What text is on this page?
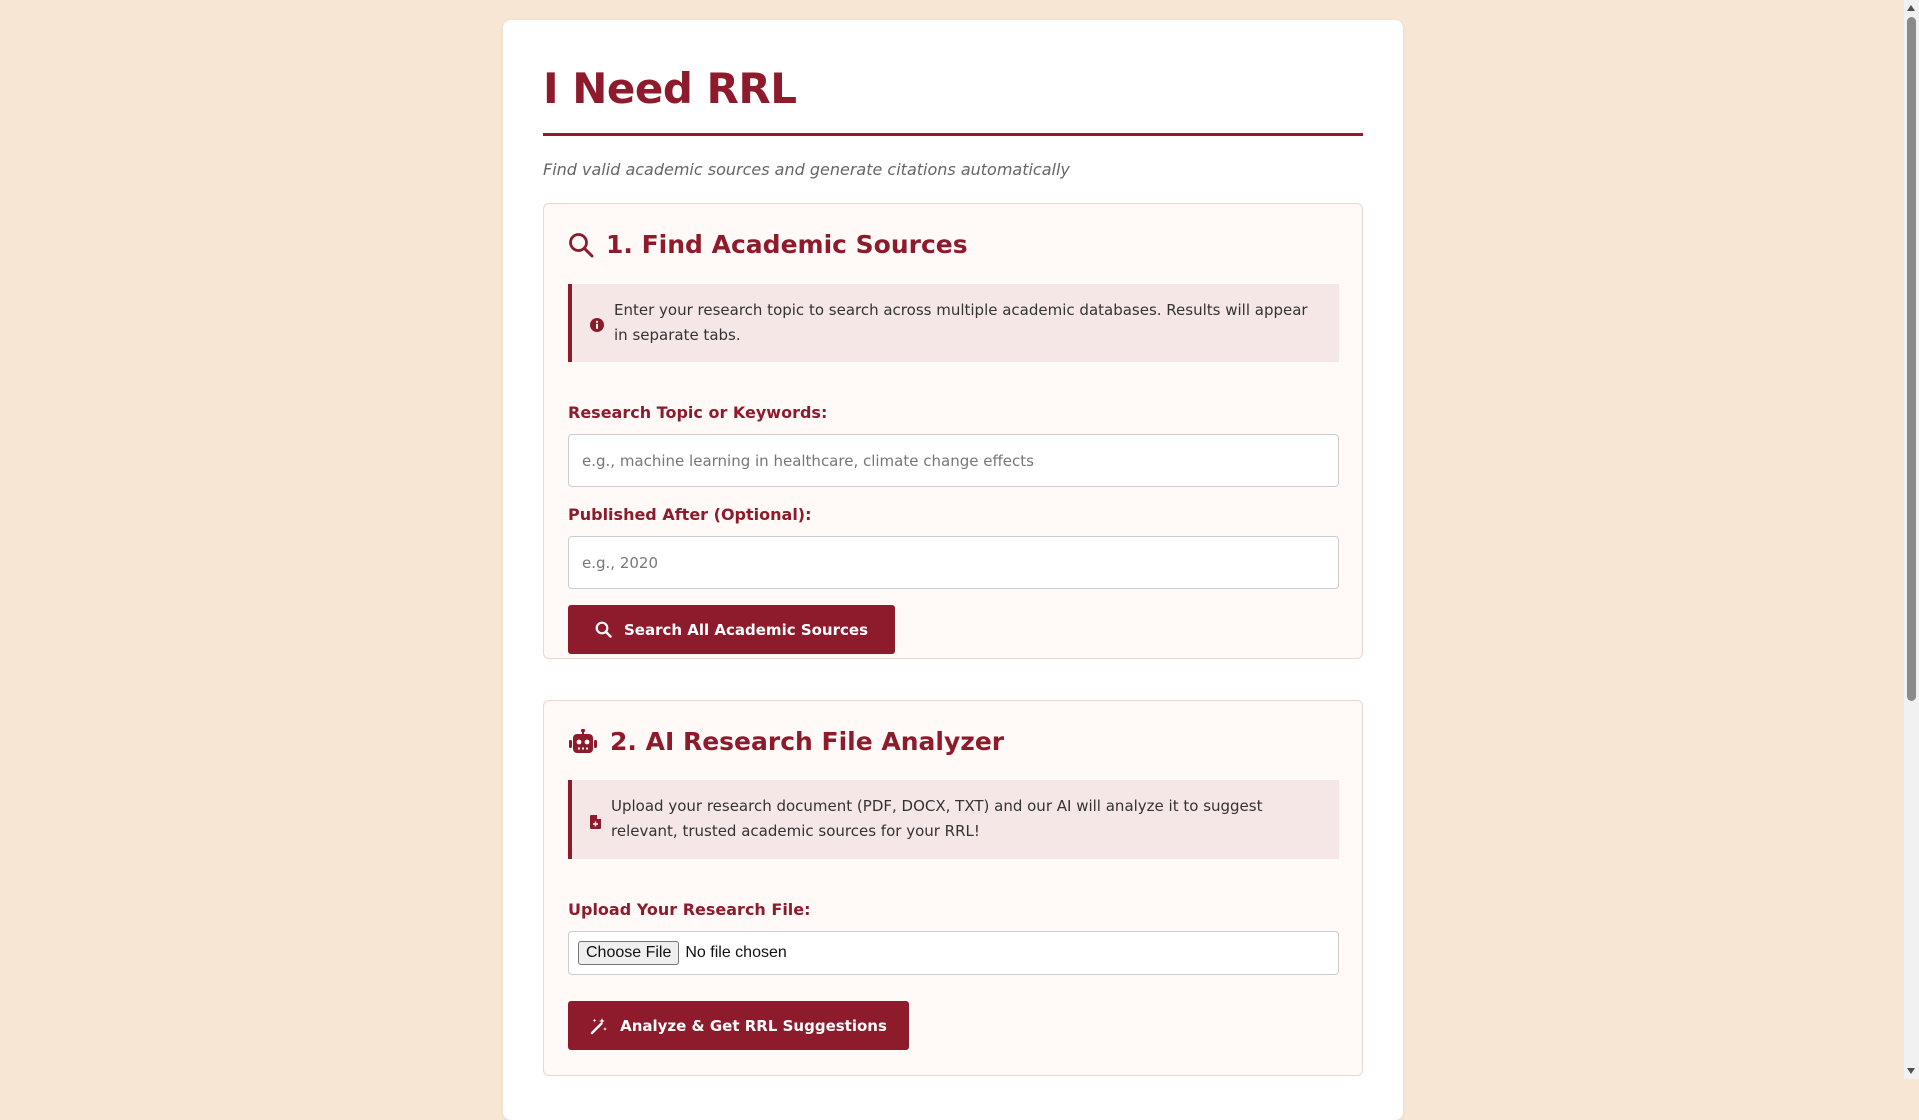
I Need RRL
Find valid academic sources and generate citations automatically
1. Find Academic Sources
Enter your research topic to search across multiple academic databases. Results will appear in separate tabs.
Research Topic or Keywords:
e.g., machine learning in healthcare, climate change effects
Published After (Optional):
e.g., 2020
Search All Academic Sources
2. AI Research File Analyzer
Upload your research document (PDF, DOCX, TXT) and our AI will analyze it to suggest relevant, trusted academic sources for your RRL!
Upload Your Research File:
Choose File No file chosen
Analyze & Get RRL Suggestions
